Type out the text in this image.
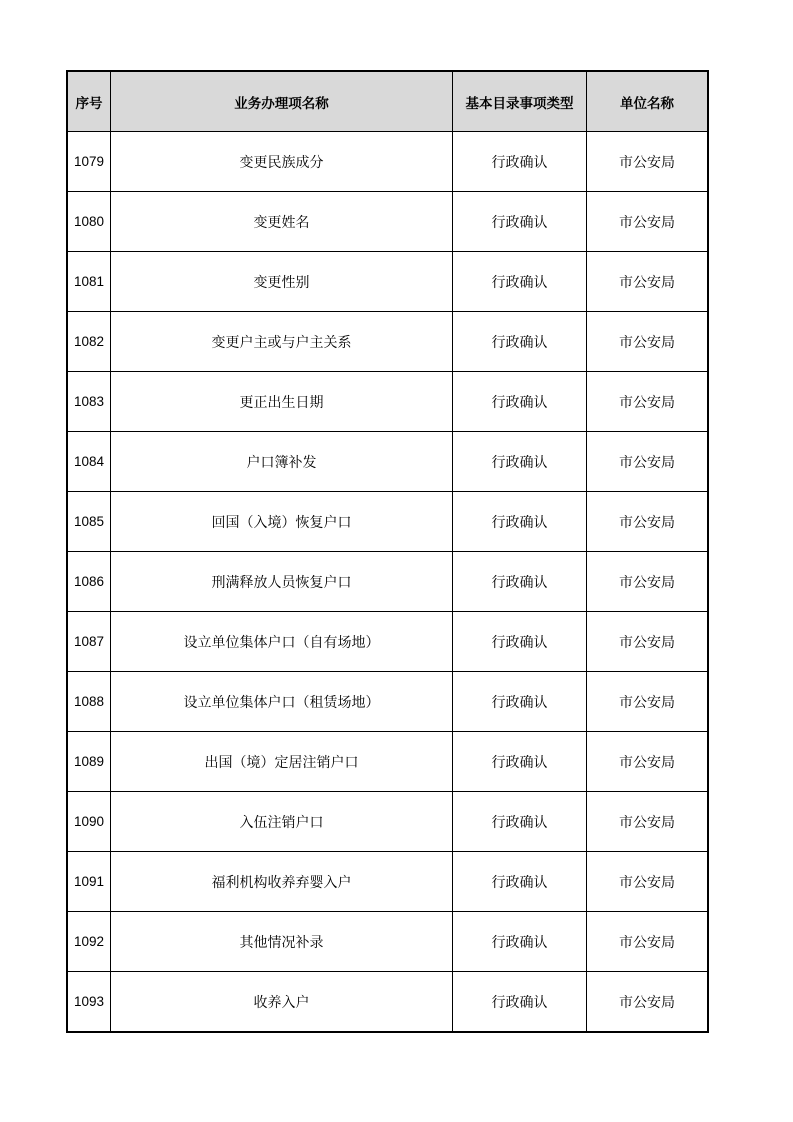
序号	业务办理项名称	基本目录事项类型	单位名称
1079	变更民族成分	行政确认	市公安局
1080	变更姓名	行政确认	市公安局
1081	变更性别	行政确认	市公安局
1082	变更户主或与户主关系	行政确认	市公安局
1083	更正出生日期	行政确认	市公安局
1084	户口簿补发	行政确认	市公安局
1085	回国（入境）恢复户口	行政确认	市公安局
1086	刑满释放人员恢复户口	行政确认	市公安局
1087	设立单位集体户口（自有场地）	行政确认	市公安局
1088	设立单位集体户口（租赁场地）	行政确认	市公安局
1089	出国（境）定居注销户口	行政确认	市公安局
1090	入伍注销户口	行政确认	市公安局
1091	福利机构收养弃婴入户	行政确认	市公安局
1092	其他情况补录	行政确认	市公安局
1093	收养入户	行政确认	市公安局
